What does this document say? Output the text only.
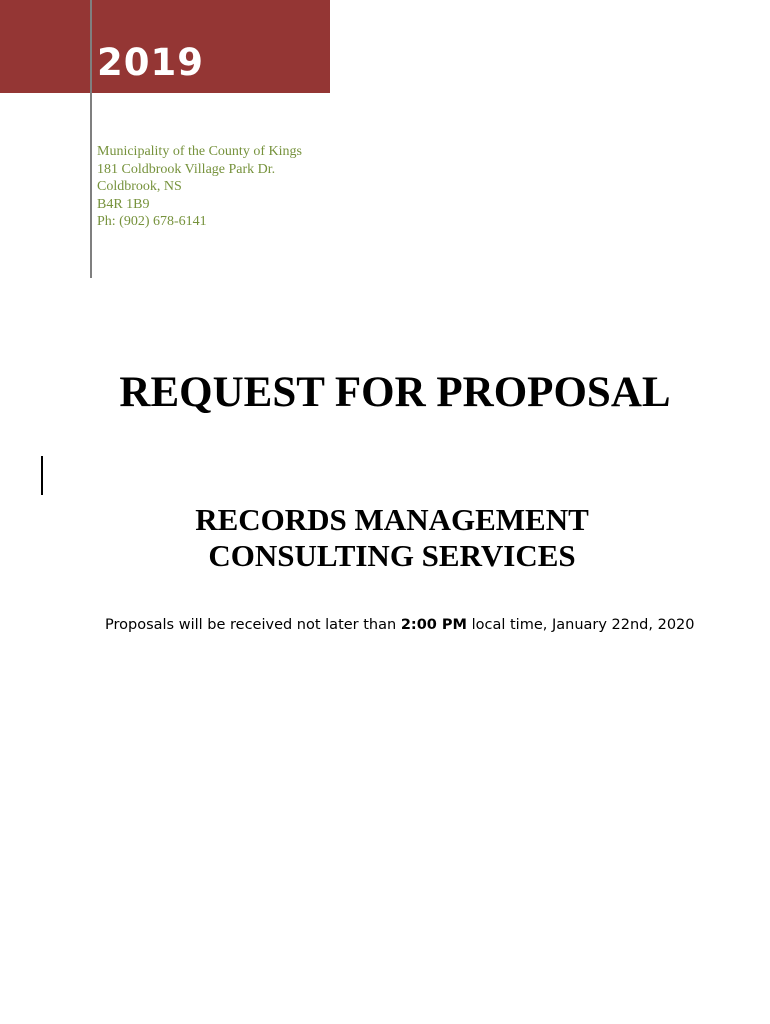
2019
Municipality of the County of Kings
181 Coldbrook Village Park Dr.
Coldbrook, NS
B4R 1B9
Ph: (902) 678-6141
REQUEST FOR PROPOSAL
RECORDS MANAGEMENT
CONSULTING SERVICES
Proposals will be received not later than 2:00 PM local time, January 22nd, 2020
